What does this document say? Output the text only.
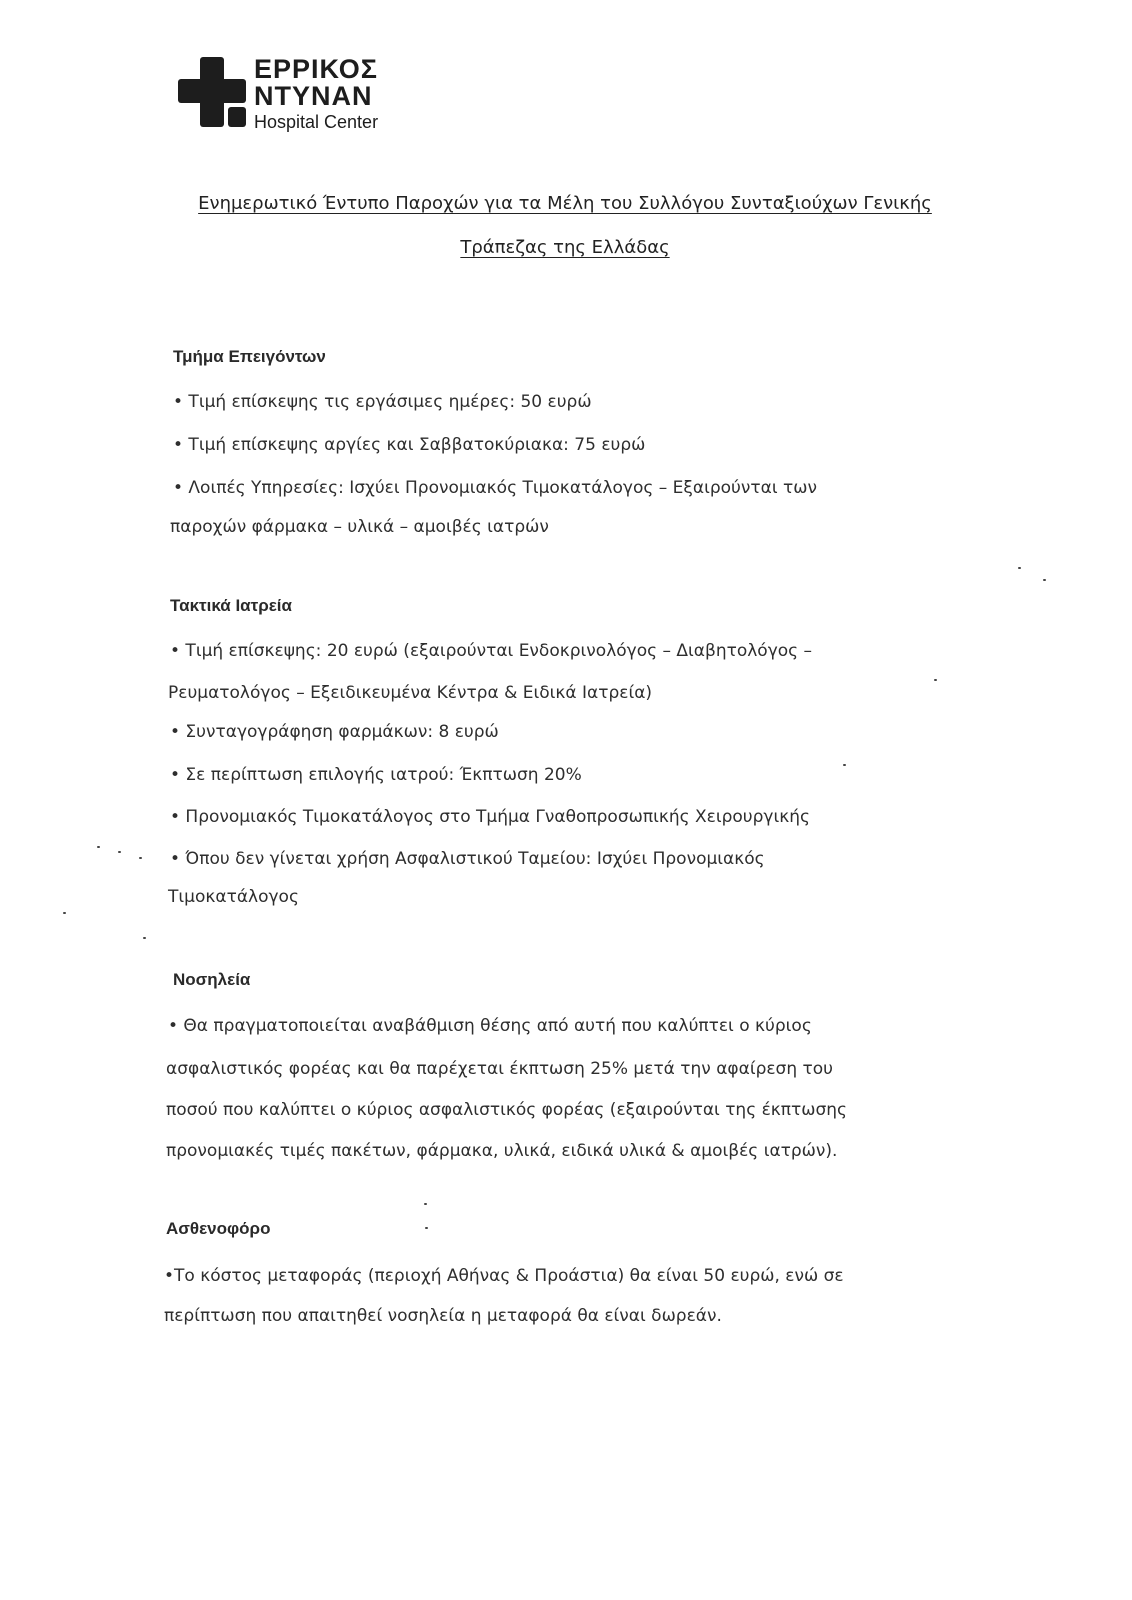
ΕΡΡΙΚΟΣ
ΝΤΥΝΑΝ
Hospital Center
Ενημερωτικό Έντυπο Παροχών για τα Μέλη του Συλλόγου Συνταξιούχων Γενικής
Τράπεζας της Ελλάδας
Τμήμα Επειγόντων
• Τιμή επίσκεψης τις εργάσιμες ημέρες: 50 ευρώ
• Τιμή επίσκεψης αργίες και Σαββατοκύριακα: 75 ευρώ
• Λοιπές Υπηρεσίες: Ισχύει Προνομιακός Τιμοκατάλογος – Εξαιρούνται των
παροχών φάρμακα – υλικά – αμοιβές ιατρών
Τακτικά Ιατρεία
• Τιμή επίσκεψης: 20 ευρώ (εξαιρούνται Ενδοκρινολόγος – Διαβητολόγος –
Ρευματολόγος – Εξειδικευμένα Κέντρα & Ειδικά Ιατρεία)
• Συνταγογράφηση φαρμάκων: 8 ευρώ
• Σε περίπτωση επιλογής ιατρού: Έκπτωση 20%
• Προνομιακός Τιμοκατάλογος στο Τμήμα Γναθοπροσωπικής Χειρουργικής
• Όπου δεν γίνεται χρήση Ασφαλιστικού Ταμείου: Ισχύει Προνομιακός
Τιμοκατάλογος
Νοσηλεία
• Θα πραγματοποιείται αναβάθμιση θέσης από αυτή που καλύπτει ο κύριος
ασφαλιστικός φορέας και θα παρέχεται έκπτωση 25% μετά την αφαίρεση του
ποσού που καλύπτει ο κύριος ασφαλιστικός φορέας (εξαιρούνται της έκπτωσης
προνομιακές τιμές πακέτων, φάρμακα, υλικά, ειδικά υλικά & αμοιβές ιατρών).
Ασθενοφόρο
•Το κόστος μεταφοράς (περιοχή Αθήνας & Προάστια) θα είναι 50 ευρώ, ενώ σε
περίπτωση που απαιτηθεί νοσηλεία η μεταφορά θα είναι δωρεάν.
